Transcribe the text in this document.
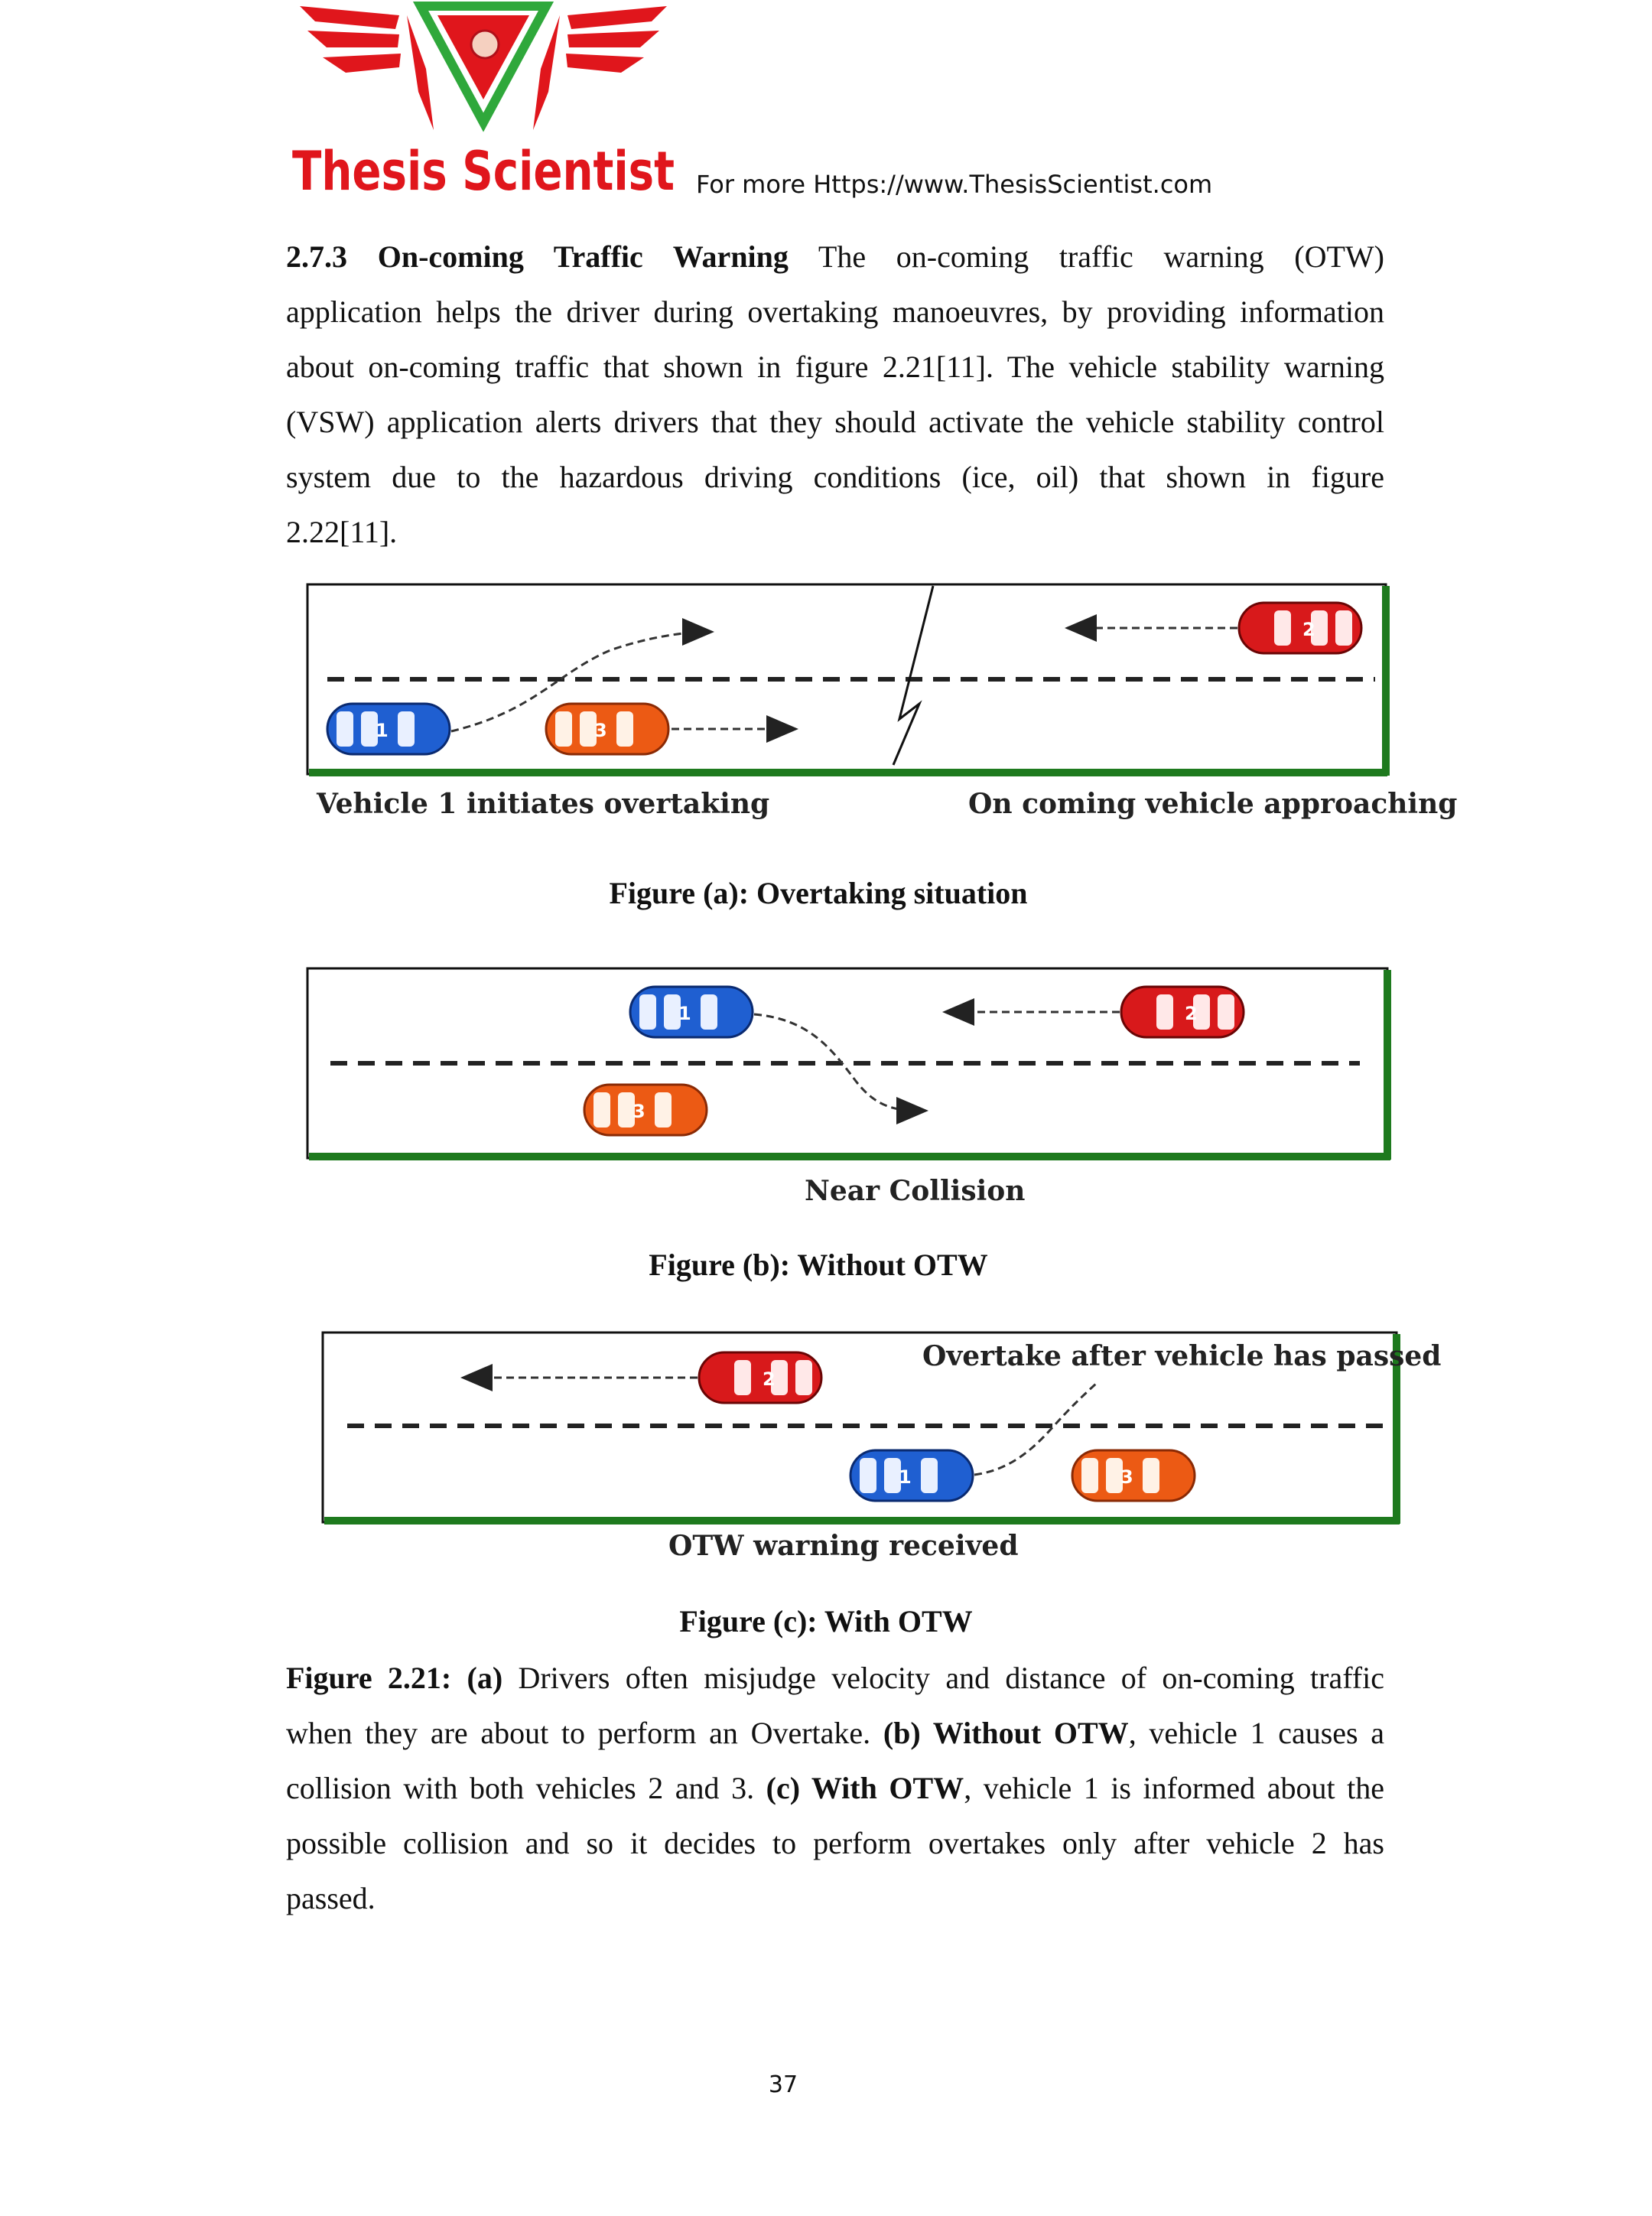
Thesis Scientist For more Https://www.ThesisScientist.com
2.7.3 On-coming Traffic Warning The on-coming traffic warning (OTW)
application helps the driver during overtaking manoeuvres, by providing information
about on-coming traffic that shown in figure 2.21[11]. The vehicle stability warning
(VSW) application alerts drivers that they should activate the vehicle stability control
system due to the hazardous driving conditions (ice, oil) that shown in figure
2.22[11].
1	3
2
Vehicle 1 initiates overtaking	On coming vehicle approaching
Figure (a): Overtaking situation
1	2
3
Near Collision
Figure (b): Without OTW
2
1	3
Overtake after vehicle has passed
OTW warning received
Figure (c): With OTW
Figure 2.21: (a) Drivers often misjudge velocity and distance of on-coming traffic
when they are about to perform an Overtake. (b) Without OTW, vehicle 1 causes a
collision with both vehicles 2 and 3. (c) With OTW, vehicle 1 is informed about the
possible collision and so it decides to perform overtakes only after vehicle 2 has
passed.
37
